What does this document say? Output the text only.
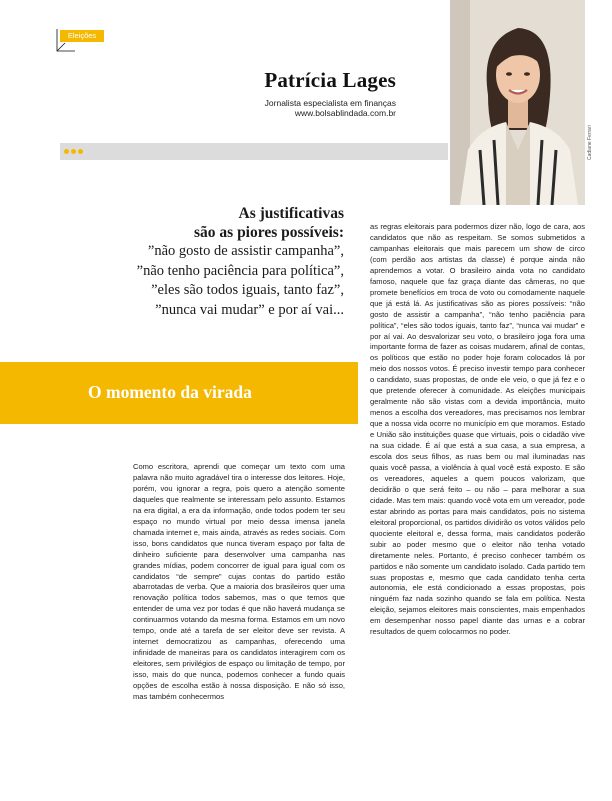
Eleições
Patrícia Lages
Jornalista especialista em finanças
www.bolsablindada.com.br
Cadiane Ferrari
As justificativas
são as piores possíveis:
”não gosto de assistir campanha”,
”não tenho paciência para política”,
”eles são todos iguais, tanto faz”,
”nunca vai mudar” e por aí vai...
O momento da virada

Como escritora, aprendi que começar um texto com uma palavra não muito agradável tira o interesse dos leitores. Hoje, porém, vou ignorar a regra, pois quero a atenção somente daqueles que realmente se interessam pelo assunto. Estamos na era digital, a era da informação, onde todos podem ter seu espaço no mundo virtual por meio dessa imensa janela chamada internet e, mais ainda, através as redes sociais. Com isso, bons candidatos que nunca tiveram espaço por falta de dinheiro suficiente para desenvolver uma campanha nas grandes mídias, podem concorrer de igual para igual com os candidatos “de sempre” cujas contas do partido estão abarrotadas de verba. Que a maioria dos brasileiros quer uma renovação política todos sabemos, mas o que temos que entender de uma vez por todas é que não haverá mudança se continuarmos votando da mesma forma. Estamos em um novo tempo, onde até a tarefa de ser eleitor deve ser revista. A internet democratizou as campanhas, oferecendo uma infinidade de maneiras para os candidatos interagirem com os eleitores, sem privilégios de espaço ou limitação de tempo, por isso, mais do que nunca, podemos conhecer a fundo quais opções de escolha estão à nossa disposição. E não só isso, mas também conhecermos

as regras eleitorais para podermos dizer não, logo de cara, aos candidatos que não as respeitam. Se somos submetidos a campanhas eleitorais que mais parecem um show de circo (com perdão aos artistas da classe) é porque ainda não aprendemos a votar. O brasileiro ainda vota no candidato famoso, naquele que faz graça diante das câmeras, no que promete benefícios em troca de voto ou comodamente naquele que já está lá. As justificativas são as piores possíveis: “não gosto de assistir a campanha”, “não tenho paciência para política”, “eles são todos iguais, tanto faz”, “nunca vai mudar” e por aí vai. Ao desvalorizar seu voto, o brasileiro joga fora uma importante forma de fazer as coisas mudarem, afinal de contas, os políticos que estão no poder hoje foram colocados lá por meio dos nossos votos. É preciso investir tempo para conhecer o candidato, suas propostas, de onde ele veio, o que já fez e o que pretende oferecer à comunidade. As eleições municipais geralmente não são vistas com a devida importância, muito menos a escolha dos vereadores, mas precisamos nos lembrar que a nossa vida ocorre no município em que moramos. Estado e União são instituições quase que virtuais, pois o cidadão vive na sua cidade. É aí que está a sua casa, a sua empresa, a escola dos seus filhos, as ruas bem ou mal iluminadas nas quais você passa, a violência à qual você está exposto. E são os vereadores, aqueles a quem poucos valorizam, que decidirão o que será feito – ou não – para melhorar a sua cidade. Mas tem mais: quando você vota em um vereador, pode estar abrindo as portas para mais candidatos, pois no sistema eleitoral proporcional, os partidos dividirão os votos válidos pelo quociente eleitoral e, dessa forma, mais candidatos poderão subir ao poder mesmo que o eleitor não tenha votado diretamente neles. Portanto, é preciso conhecer também os partidos e não somente um candidato isolado. Cada partido tem suas propostas e, mesmo que cada candidato tenha certa autonomia, ele está condicionado a essas propostas, pois ninguém faz nada sozinho quando se fala em política. Nesta eleição, sejamos eleitores mais conscientes, mais empenhados em desempenhar nosso papel diante das urnas e a cobrar resultados de quem colocarmos no poder.
